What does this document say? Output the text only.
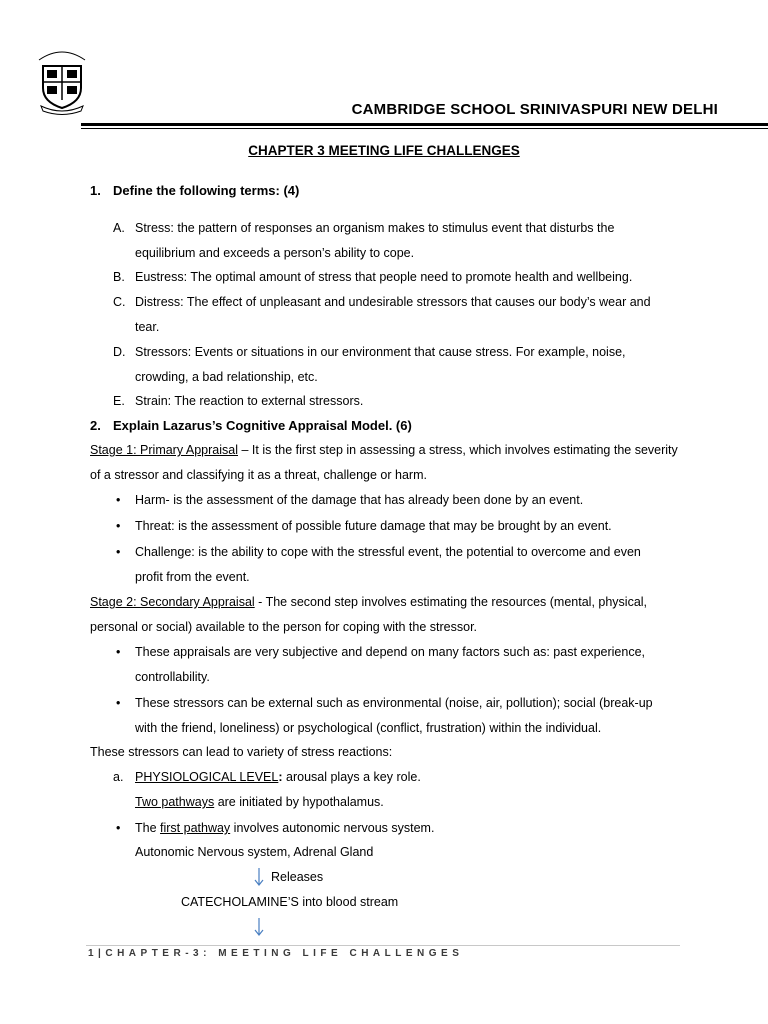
CAMBRIDGE SCHOOL SRINIVASPURI NEW DELHI
CHAPTER 3 MEETING LIFE CHALLENGES
1. Define the following terms: (4)
A. Stress: the pattern of responses an organism makes to stimulus event that disturbs the
equilibrium and exceeds a person’s ability to cope.
B. Eustress: The optimal amount of stress that people need to promote health and wellbeing.
C. Distress: The effect of unpleasant and undesirable stressors that causes our body’s wear and
tear.
D. Stressors: Events or situations in our environment that cause stress. For example, noise,
crowding, a bad relationship, etc.
E. Strain: The reaction to external stressors.
2. Explain Lazarus’s Cognitive Appraisal Model. (6)
Stage 1: Primary Appraisal – It is the first step in assessing a stress, which involves estimating the severity
of a stressor and classifying it as a threat, challenge or harm.
• Harm- is the assessment of the damage that has already been done by an event.
• Threat: is the assessment of possible future damage that may be brought by an event.
• Challenge: is the ability to cope with the stressful event, the potential to overcome and even
profit from the event.
Stage 2: Secondary Appraisal - The second step involves estimating the resources (mental, physical,
personal or social) available to the person for coping with the stressor.
• These appraisals are very subjective and depend on many factors such as: past experience,
controllability.
• These stressors can be external such as environmental (noise, air, pollution); social (break-up
with the friend, loneliness) or psychological (conflict, frustration) within the individual.
These stressors can lead to variety of stress reactions:
a. PHYSIOLOGICAL LEVEL: arousal plays a key role.
Two pathways are initiated by hypothalamus.
• The first pathway involves autonomic nervous system.
Autonomic Nervous system, Adrenal Gland
Releases
CATECHOLAMINE’S into blood stream
1|CHAPTER-3: MEETING LIFE CHALLENGES
